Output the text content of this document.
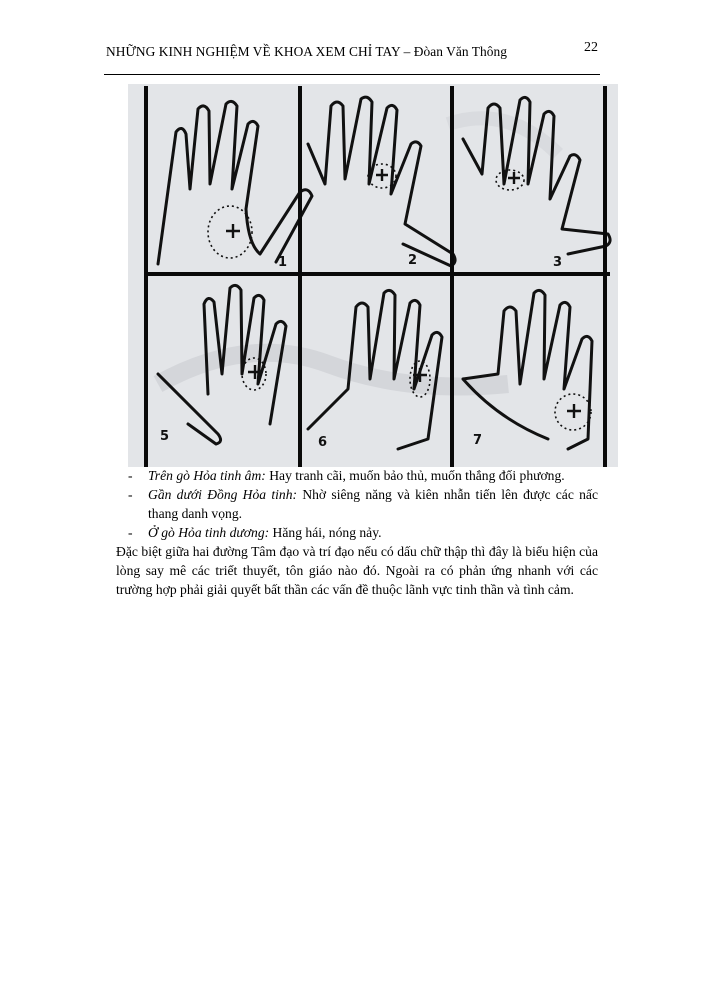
NHỮNG KINH NGHIỆM VỀ KHOA XEM CHỈ TAY – Đòan Văn Thông	22
1	2	3
5	6	7
- Trên gò Hỏa tinh âm: Hay tranh cãi, muốn bảo thủ, muốn thắng đối phương.
- Gần dưới Đồng Hỏa tinh: Nhờ siêng năng và kiên nhẫn tiến lên được các nấc thang danh vọng.
- Ở gò Hỏa tinh dương: Hăng hái, nóng nảy.
Đặc biệt giữa hai đường Tâm đạo và trí đạo nếu có dấu chữ thập thì đây là biểu hiện của lòng say mê các triết thuyết, tôn giáo nào đó. Ngoài ra có phản ứng nhanh với các trường hợp phải giải quyết bất thần các vấn đề thuộc lãnh vực tinh thần và tình cảm.
